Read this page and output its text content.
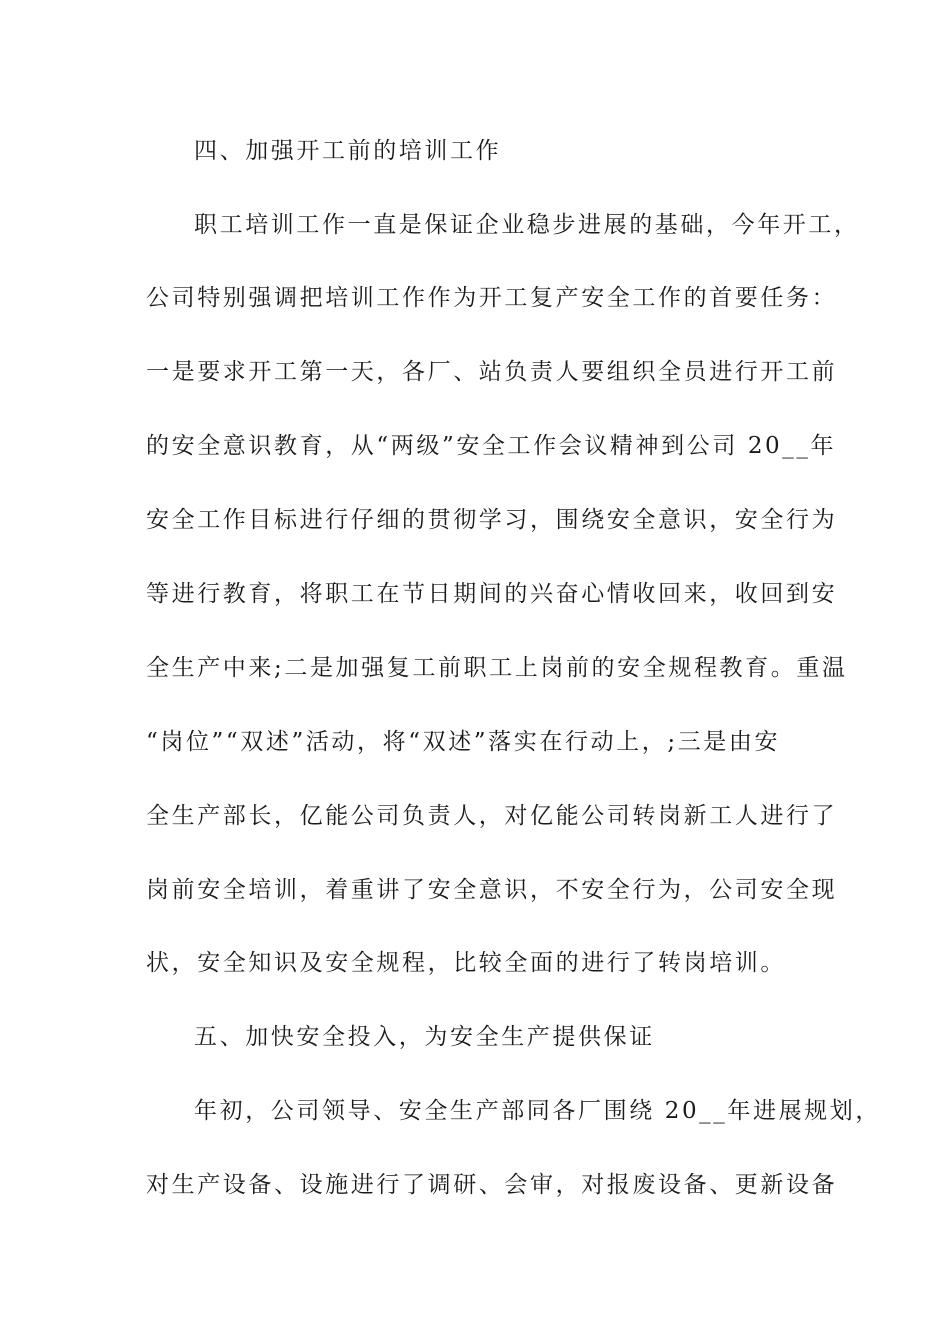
四、加强开工前的培训工作
职工培训工作一直是保证企业稳步进展的基础，今年开工，
公司特别强调把培训工作作为开工复产安全工作的首要任务：
一是要求开工第一天，各厂、站负责人要组织全员进行开工前
的安全意识教育，从“两级”安全工作会议精神到公司 20__年
安全工作目标进行仔细的贯彻学习，围绕安全意识，安全行为
等进行教育，将职工在节日期间的兴奋心情收回来，收回到安
全生产中来;二是加强复工前职工上岗前的安全规程教育。重温
“岗位”“双述”活动，将“双述”落实在行动上，;三是由安
全生产部长，亿能公司负责人，对亿能公司转岗新工人进行了
岗前安全培训，着重讲了安全意识，不安全行为，公司安全现
状，安全知识及安全规程，比较全面的进行了转岗培训。
五、加快安全投入，为安全生产提供保证
年初，公司领导、安全生产部同各厂围绕 20__年进展规划，
对生产设备、设施进行了调研、会审，对报废设备、更新设备
